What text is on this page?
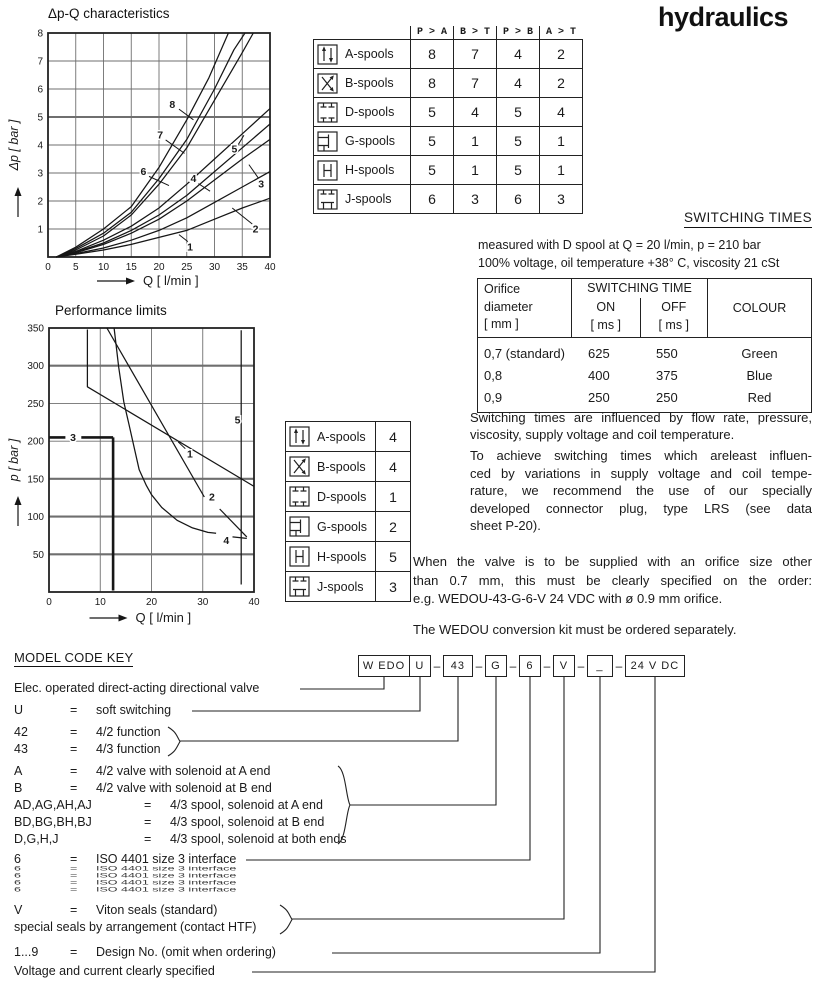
Δp-Q characteristics
1
2
3
4
5
6
7
8
0 5 10 15 20 25 30 35 40
1
2
3
4
5
6
7
8
Q [ l/min ]
Δp [ bar ]
P > A	B > T	P > B	A > T
A-spools	8	7	4	2
B-spools	8	7	4	2
D-spools	5	4	5	4
G-spools	5	1	5	1
H-spools	5	1	5	1
J-spools	6	3	6	3
hydraulics
SWITCHING TIMES
measured with D spool at Q = 20 l/min, p = 210 bar
100% voltage, oil temperature +38° C, viscosity 21 cSt
Orifice
diameter
[ mm ]
SWITCHING TIME
ON
[ ms ]
OFF
[ ms ]
COLOUR
0,7 (standard)	625	550	Green
0,8	400	375	Blue
0,9	250	250	Red
Switching times are influenced by flow rate, pressure,
viscosity, supply voltage and coil temperature.
To achieve switching times which areleast influen-
ced by variations in supply voltage and coil tempe-
rature, we recommend the use of our specially
developed connector plug, type LRS (see data
sheet P-20).
Performance limits
1
2
3
4
5
0	10	20	30	40
50
100
150
200
250
300
350
Q [ l/min ]
p [ bar ]
A-spools	4
B-spools	4
D-spools	1
G-spools	2
H-spools	5
J-spools	3
When the valve is to be supplied with an orifice size other
than 0.7 mm, this must be clearly specified on the order:
e.g. WEDOU-43-G-6-V 24 VDC with ø 0.9 mm orifice.
The WEDOU conversion kit must be ordered separately.
MODEL CODE KEY
W EDO U – 43 – G – 6 – V –	_	– 24 V DC
Elec. operated direct-acting directional valve
U	=	soft switching
42	=	4/2 function
43	=	4/3 function
A	=	4/2 valve with solenoid at A end
B	=	4/2 valve with solenoid at B end
AD,AG,AH,AJ	=	4/3 spool, solenoid at A end
BD,BG,BH,BJ	=	4/3 spool, solenoid at B end
D,G,H,J	=	4/3 spool, solenoid at both ends
6	=	ISO 4401 size 3 interface
V	=	Viton seals (standard)
special seals by arrangement (contact HTF)
1...9	=	Design No. (omit when ordering)
Voltage and current clearly specified
6	=	ISO 4401 size 3 interface
6	=	ISO 4401 size 3 interface
6	=	ISO 4401 size 3 interface
6	=	ISO 4401 size 3 interface
